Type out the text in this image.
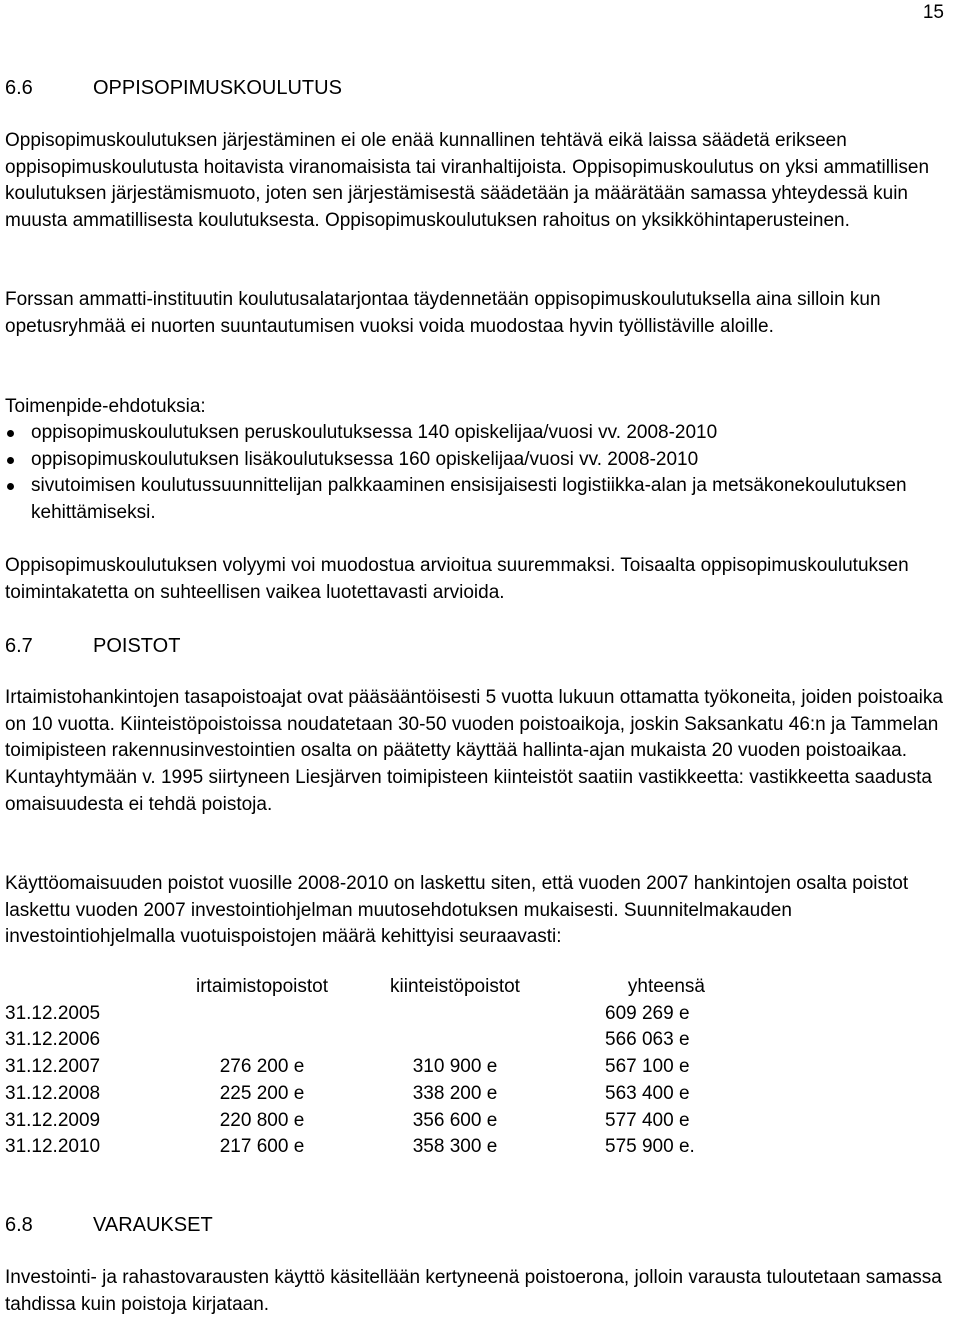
15
6.6	OPPISOPIMUSKOULUTUS
Oppisopimuskoulutuksen järjestäminen ei ole enää kunnallinen tehtävä eikä laissa säädetä erikseen oppisopimuskoulutusta hoitavista viranomaisista tai viranhaltijoista. Oppisopimuskoulutus on yksi ammatillisen koulutuksen järjestämismuoto, joten sen järjestämisestä säädetään ja määrätään samassa yhteydessä kuin muusta ammatillisesta koulutuksesta. Oppisopimuskoulutuksen rahoitus on yksikköhintaperusteinen.
Forssan ammatti-instituutin koulutusalatarjontaa täydennetään oppisopimuskoulutuksella aina silloin kun opetusryhmää ei nuorten suuntautumisen vuoksi voida muodostaa hyvin työllistäville aloille.
Toimenpide-ehdotuksia:
oppisopimuskoulutuksen peruskoulutuksessa 140 opiskelijaa/vuosi vv. 2008-2010
oppisopimuskoulutuksen lisäkoulutuksessa 160 opiskelijaa/vuosi vv. 2008-2010
sivutoimisen koulutussuunnittelijan palkkaaminen ensisijaisesti logistiikka-alan ja metsäkonekoulutuksen kehittämiseksi.
Oppisopimuskoulutuksen volyymi voi muodostua arvioitua suuremmaksi. Toisaalta oppisopimuskoulutuksen toimintakatetta on suhteellisen vaikea luotettavasti arvioida.
6.7	POISTOT
Irtaimistohankintojen tasapoistoajat ovat pääsääntöisesti 5 vuotta lukuun ottamatta työkoneita, joiden poistoaika on 10 vuotta. Kiinteistöpoistoissa noudatetaan 30-50 vuoden poistoaikoja, joskin Saksankatu 46:n ja Tammelan toimipisteen rakennusinvestointien osalta on päätetty käyttää hallinta-ajan mukaista 20 vuoden poistoaikaa. Kuntayhtymään v. 1995 siirtyneen Liesjärven toimipisteen kiinteistöt saatiin vastikkeetta: vastikkeetta saadusta omaisuudesta ei tehdä poistoja.
Käyttöomaisuuden poistot vuosille 2008-2010 on laskettu siten, että vuoden 2007 hankintojen osalta poistot laskettu vuoden 2007 investointiohjelman muutosehdotuksen mukaisesti. Suunnitelmakauden investointiohjelmalla vuotuispoistojen määrä kehittyisi seuraavasti:
	irtaimistopoistot	kiinteistöpoistot	yhteensä
31.12.2005			609 269 e
31.12.2006			566 063 e
31.12.2007	276 200 e	310 900 e	567 100 e
31.12.2008	225 200 e	338 200 e	563 400 e
31.12.2009	220 800 e	356 600 e	577 400 e
31.12.2010	217 600 e	358 300 e	575 900 e.
6.8	VARAUKSET
Investointi- ja rahastovarausten käyttö käsitellään kertyneenä poistoerona, jolloin varausta tuloutetaan samassa tahdissa kuin poistoja kirjataan.
